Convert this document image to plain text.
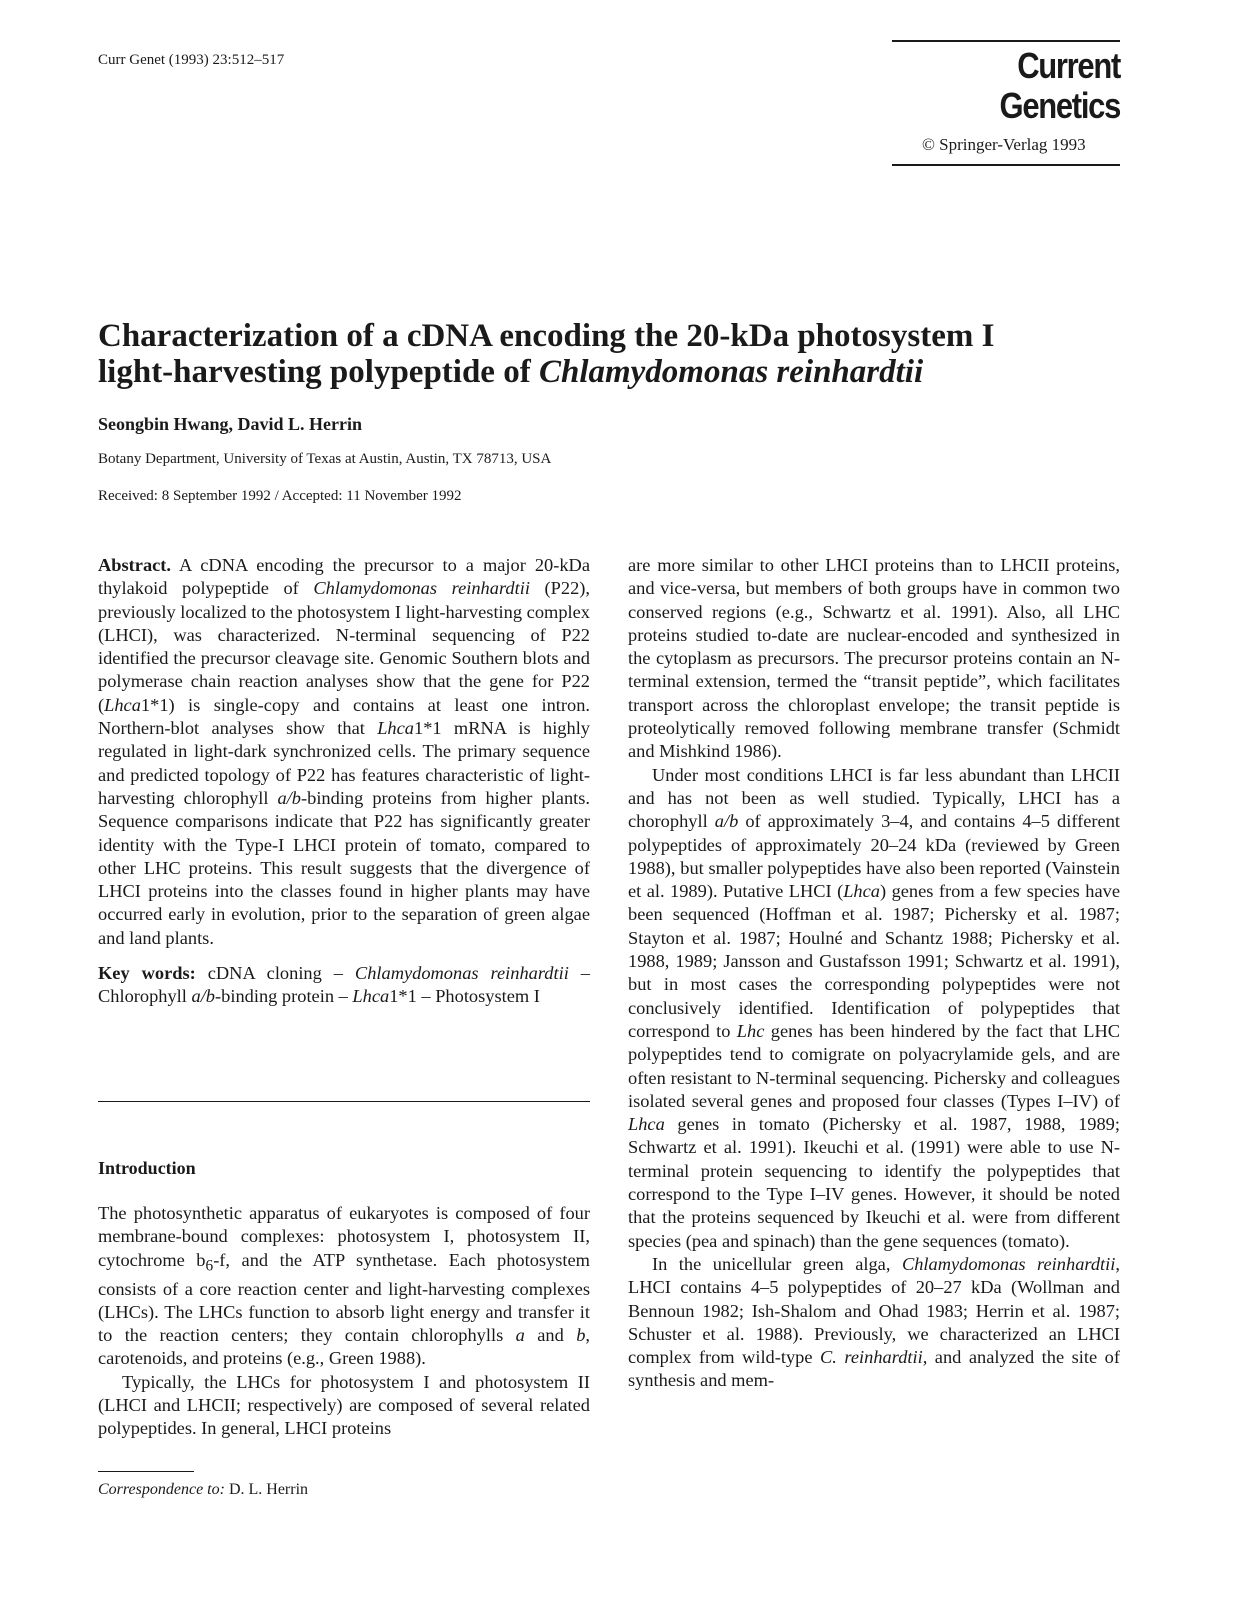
Curr Genet (1993) 23:512–517	Current Genetics
© Springer-Verlag 1993
Characterization of a cDNA encoding the 20-kDa photosystem I
light-harvesting polypeptide of Chlamydomonas reinhardtii
Seongbin Hwang, David L. Herrin
Botany Department, University of Texas at Austin, Austin, TX 78713, USA
Received: 8 September 1992 / Accepted: 11 November 1992

Abstract. A cDNA encoding the precursor to a major 20-kDa thylakoid polypeptide of Chlamydomonas reinhardtii (P22), previously localized to the photosystem I light-harvesting complex (LHCI), was characterized. N-terminal sequencing of P22 identified the precursor cleavage site. Genomic Southern blots and polymerase chain reaction analyses show that the gene for P22 (Lhca1*1) is single-copy and contains at least one intron. Northern-blot analyses show that Lhca1*1 mRNA is highly regulated in light-dark synchronized cells. The primary sequence and predicted topology of P22 has features characteristic of light-harvesting chlorophyll a/b-binding proteins from higher plants. Sequence comparisons indicate that P22 has significantly greater identity with the Type-I LHCI protein of tomato, compared to other LHC proteins. This result suggests that the divergence of LHCI proteins into the classes found in higher plants may have occurred early in evolution, prior to the separation of green algae and land plants.

Key words: cDNA cloning – Chlamydomonas reinhardtii – Chlorophyll a/b-binding protein – Lhca1*1 – Photosystem I

Introduction

The photosynthetic apparatus of eukaryotes is composed of four membrane-bound complexes: photosystem I, photosystem II, cytochrome $b_6-f$, and the ATP synthetase. Each photosystem consists of a core reaction center and light-harvesting complexes (LHCs). The LHCs function to absorb light energy and transfer it to the reaction centers; they contain chlorophylls a and b, carotenoids, and proteins (e.g., Green 1988).

Typically, the LHCs for photosystem I and photosystem II (LHCI and LHCII; respectively) are composed of several related polypeptides. In general, LHCI proteins

are more similar to other LHCI proteins than to LHCII proteins, and vice-versa, but members of both groups have in common two conserved regions (e.g., Schwartz et al. 1991). Also, all LHC proteins studied to-date are nuclear-encoded and synthesized in the cytoplasm as precursors. The precursor proteins contain an N-terminal extension, termed the “transit peptide”, which facilitates transport across the chloroplast envelope; the transit peptide is proteolytically removed following membrane transfer (Schmidt and Mishkind 1986).

Under most conditions LHCI is far less abundant than LHCII and has not been as well studied. Typically, LHCI has a chorophyll a/b of approximately 3–4, and contains 4–5 different polypeptides of approximately 20–24 kDa (reviewed by Green 1988), but smaller polypeptides have also been reported (Vainstein et al. 1989). Putative LHCI (Lhca) genes from a few species have been sequenced (Hoffman et al. 1987; Pichersky et al. 1987; Stayton et al. 1987; Houlné and Schantz 1988; Pichersky et al. 1988, 1989; Jansson and Gustafsson 1991; Schwartz et al. 1991), but in most cases the corresponding polypeptides were not conclusively identified. Identification of polypeptides that correspond to Lhc genes has been hindered by the fact that LHC polypeptides tend to comigrate on polyacrylamide gels, and are often resistant to N-terminal sequencing. Pichersky and colleagues isolated several genes and proposed four classes (Types I–IV) of Lhca genes in tomato (Pichersky et al. 1987, 1988, 1989; Schwartz et al. 1991). Ikeuchi et al. (1991) were able to use N-terminal protein sequencing to identify the polypeptides that correspond to the Type I–IV genes. However, it should be noted that the proteins sequenced by Ikeuchi et al. were from different species (pea and spinach) than the gene sequences (tomato).

In the unicellular green alga, Chlamydomonas reinhardtii, LHCI contains 4–5 polypeptides of 20–27 kDa (Wollman and Bennoun 1982; Ish-Shalom and Ohad 1983; Herrin et al. 1987; Schuster et al. 1988). Previously, we characterized an LHCI complex from wild-type C. reinhardtii, and analyzed the site of synthesis and mem-

Correspondence to: D. L. Herrin
